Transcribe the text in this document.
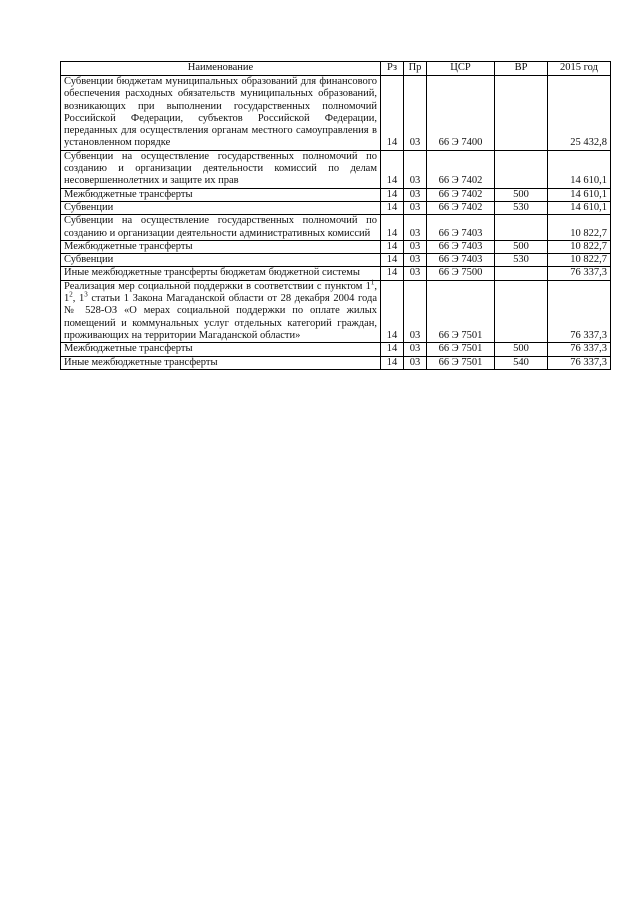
Наименование	Рз	Пр	ЦСР	ВР	2015 год
Субвенции бюджетам муниципальных образований для финансового обеспечения расходных обязательств муниципальных образований, возникающих при выполнении государственных полномочий Российской Федерации, субъектов Российской Федерации, переданных для осуществления органам местного самоуправления в установленном порядке	14	03	66 Э 7400		25 432,8
Субвенции на осуществление государственных полномочий по созданию и организации деятельности комиссий по делам несовершеннолетних и защите их прав	14	03	66 Э 7402		14 610,1
Межбюджетные трансферты	14	03	66 Э 7402	500	14 610,1
Субвенции	14	03	66 Э 7402	530	14 610,1
Субвенции на осуществление государственных полномочий по созданию и организации деятельности административных комиссий	14	03	66 Э 7403		10 822,7
Межбюджетные трансферты	14	03	66 Э 7403	500	10 822,7
Субвенции	14	03	66 Э 7403	530	10 822,7
Иные межбюджетные трансферты бюджетам бюджетной системы	14	03	66 Э 7500		76 337,3
Реализация мер социальной поддержки в соответствии с пунктом $1^1$, $1^2$, $1^3$ статьи 1 Закона Магаданской области от 28 декабря 2004 года № 528-ОЗ «О мерах социальной поддержки по оплате жилых помещений и коммунальных услуг отдельных категорий граждан, проживающих на территории Магаданской области»	14	03	66 Э 7501		76 337,3
Межбюджетные трансферты	14	03	66 Э 7501	500	76 337,3
Иные межбюджетные трансферты	14	03	66 Э 7501	540	76 337,3
